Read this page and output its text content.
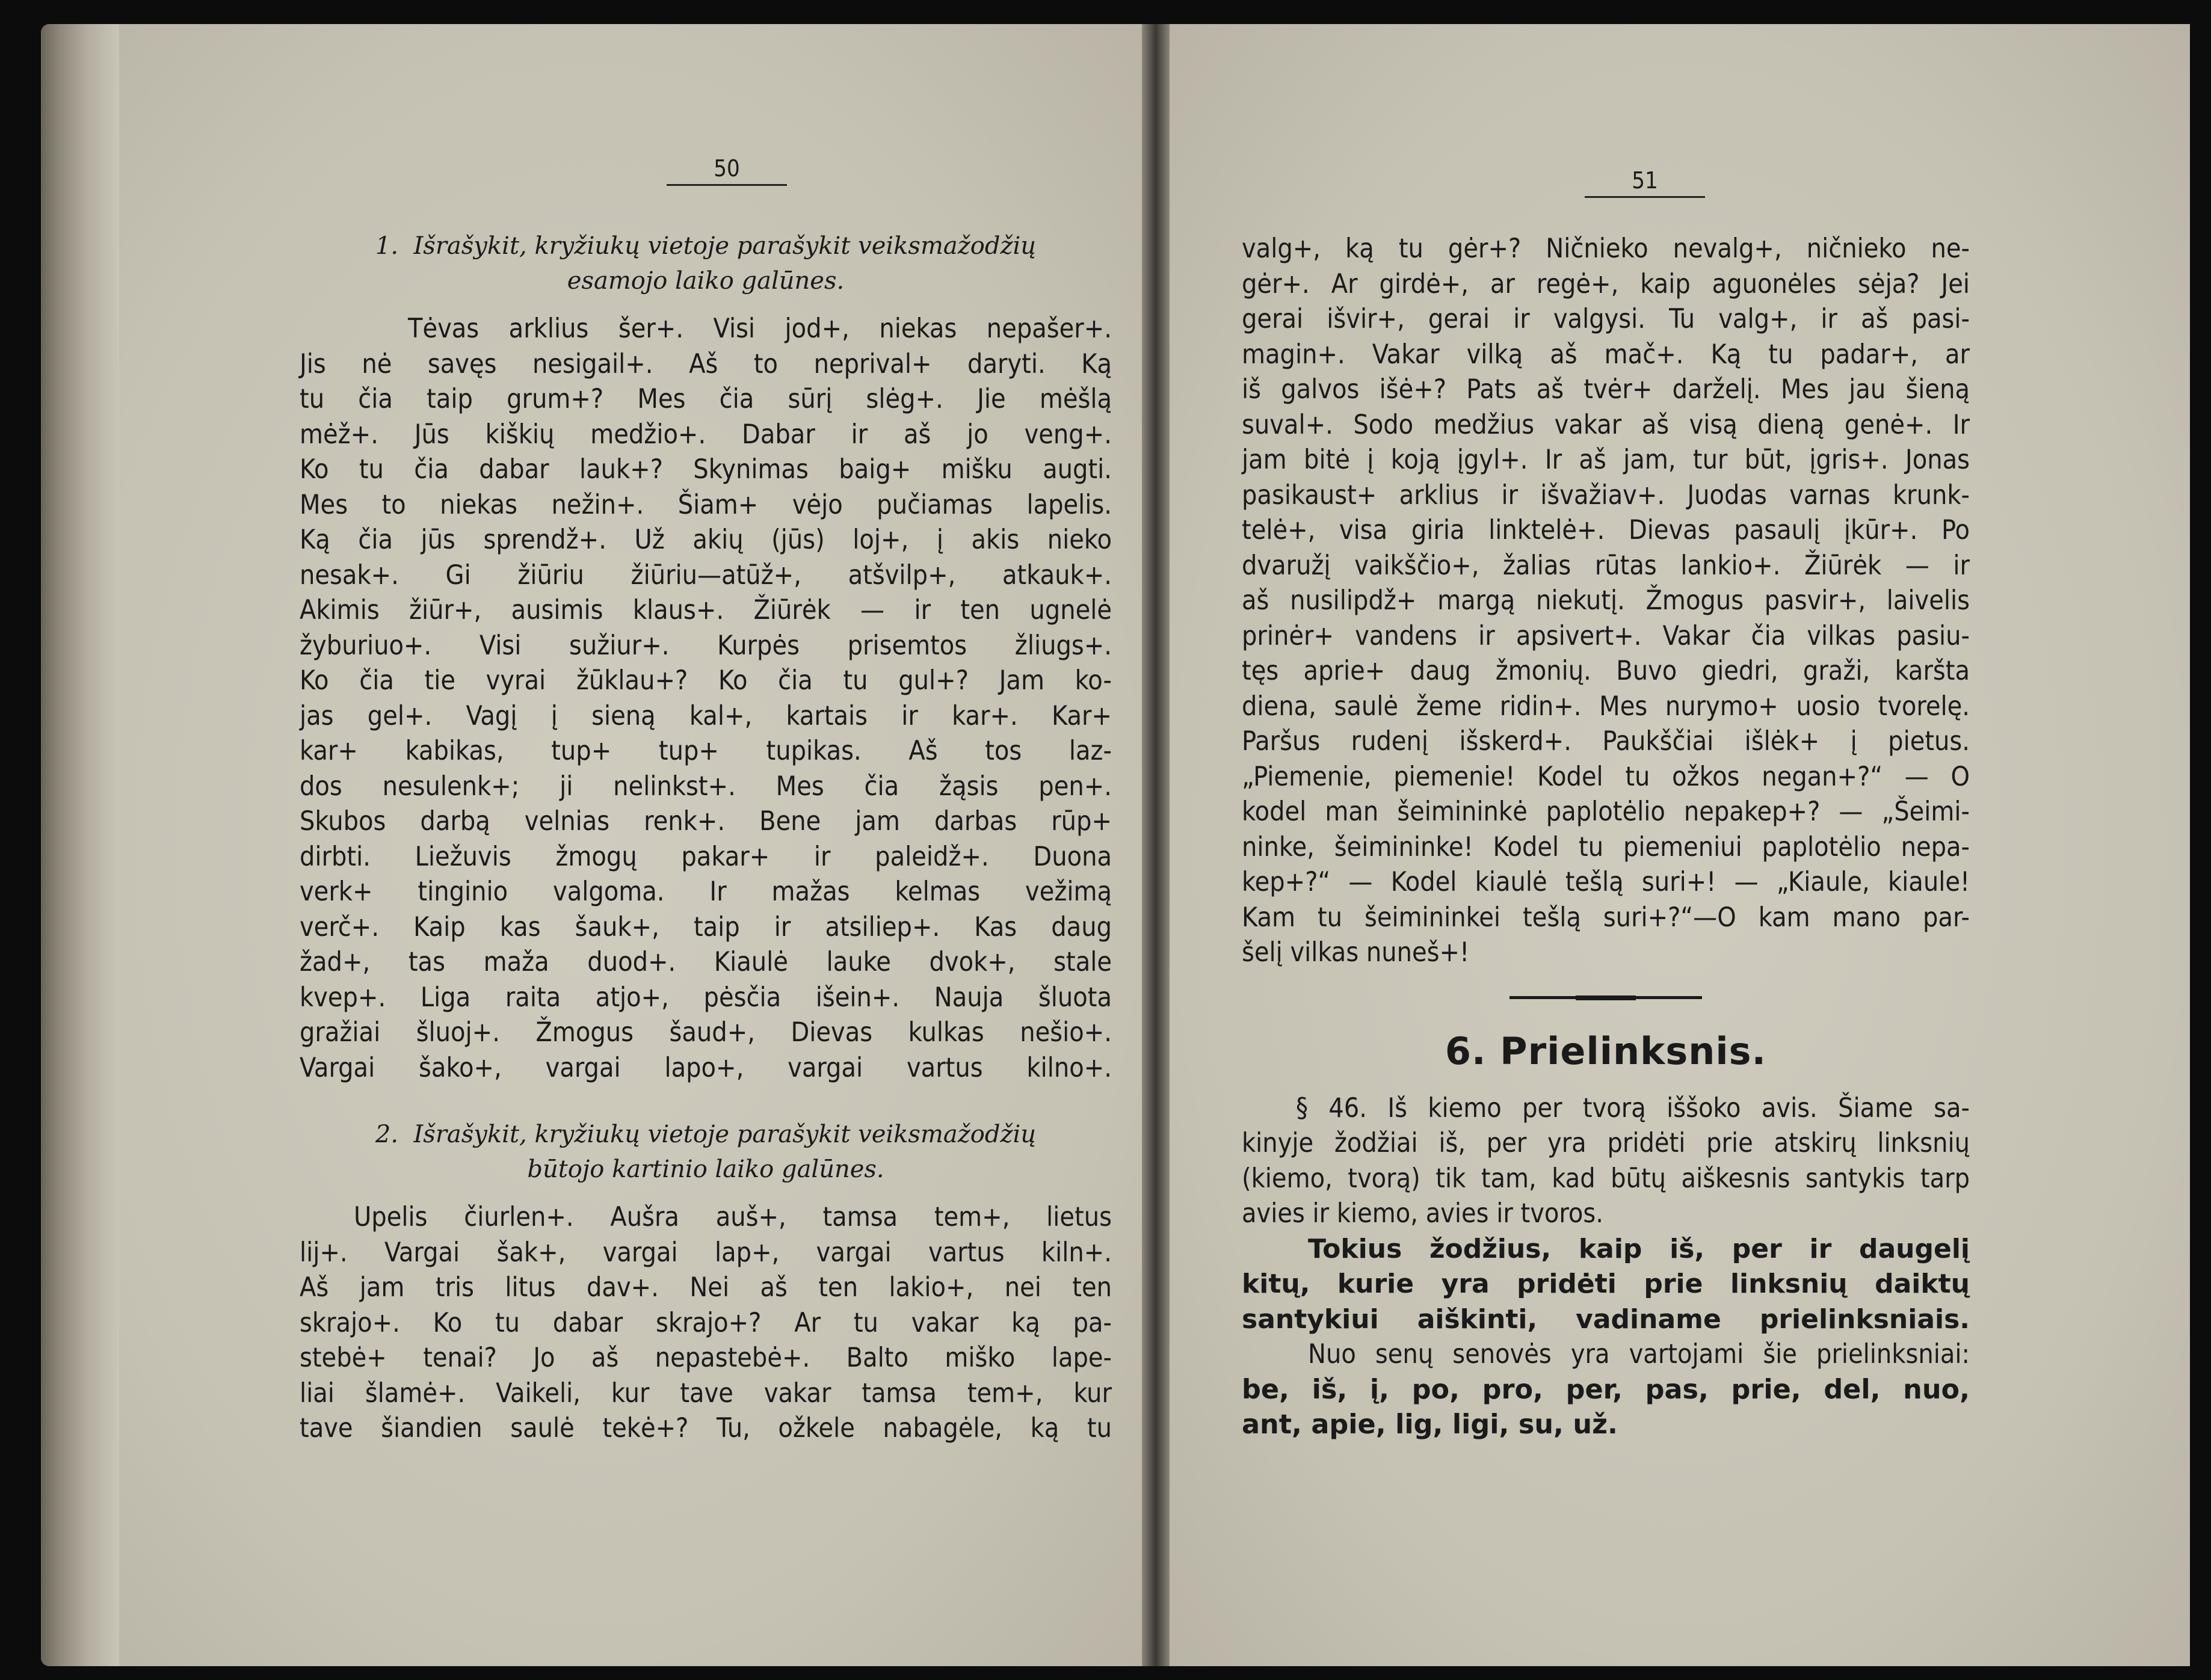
50
1. Išrašykit, kryžiukų vietoje parašykit veiksmažodžių
esamojo laiko galūnes.
Tėvas arklius šer+. Visi jod+, niekas nepašer+.
Jis nė savęs nesigail+. Aš to neprival+ daryti. Ką
tu čia taip grum+? Mes čia sūrį slėg+. Jie mėšlą
mėž+. Jūs kiškių medžio+. Dabar ir aš jo veng+.
Ko tu čia dabar lauk+? Skynimas baig+ mišku augti.
Mes to niekas nežin+. Šiam+ vėjo pučiamas lapelis.
Ką čia jūs sprendž+. Už akių (jūs) loj+, į akis nieko
nesak+. Gi žiūriu žiūriu—atūž+, atšvilp+, atkauk+.
Akimis žiūr+, ausimis klaus+. Žiūrėk — ir ten ugnelė
žyburiuo+. Visi sužiur+. Kurpės prisemtos žliugs+.
Ko čia tie vyrai žūklau+? Ko čia tu gul+? Jam ko-
jas gel+. Vagį į sieną kal+, kartais ir kar+. Kar+
kar+ kabikas, tup+ tup+ tupikas. Aš tos laz-
dos nesulenk+; ji nelinkst+. Mes čia žąsis pen+.
Skubos darbą velnias renk+. Bene jam darbas rūp+
dirbti. Liežuvis žmogų pakar+ ir paleidž+. Duona
verk+ tinginio valgoma. Ir mažas kelmas vežimą
verč+. Kaip kas šauk+, taip ir atsiliep+. Kas daug
žad+, tas maža duod+. Kiaulė lauke dvok+, stale
kvep+. Liga raita atjo+, pėsčia išein+. Nauja šluota
gražiai šluoj+. Žmogus šaud+, Dievas kulkas nešio+.
Vargai šako+, vargai lapo+, vargai vartus kilno+.
2. Išrašykit, kryžiukų vietoje parašykit veiksmažodžių
būtojo kartinio laiko galūnes.
Upelis čiurlen+. Aušra auš+, tamsa tem+, lietus
lij+. Vargai šak+, vargai lap+, vargai vartus kiln+.
Aš jam tris litus dav+. Nei aš ten lakio+, nei ten
skrajo+. Ko tu dabar skrajo+? Ar tu vakar ką pa-
stebė+ tenai? Jo aš nepastebė+. Balto miško lape-
liai šlamė+. Vaikeli, kur tave vakar tamsa tem+, kur
tave šiandien saulė tekė+? Tu, ožkele nabagėle, ką tu
51
valg+, ką tu gėr+? Ničnieko nevalg+, ničnieko ne-
gėr+. Ar girdė+, ar regė+, kaip aguonėles sėja? Jei
gerai išvir+, gerai ir valgysi. Tu valg+, ir aš pasi-
magin+. Vakar vilką aš mač+. Ką tu padar+, ar
iš galvos išė+? Pats aš tvėr+ darželį. Mes jau šieną
suval+. Sodo medžius vakar aš visą dieną genė+. Ir
jam bitė į koją įgyl+. Ir aš jam, tur būt, įgris+. Jonas
pasikaust+ arklius ir išvažiav+. Juodas varnas krunk-
telė+, visa giria linktelė+. Dievas pasaulį įkūr+. Po
dvaružį vaikščio+, žalias rūtas lankio+. Žiūrėk — ir
aš nusilipdž+ margą niekutį. Žmogus pasvir+, laivelis
prinėr+ vandens ir apsivert+. Vakar čia vilkas pasiu-
tęs aprie+ daug žmonių. Buvo giedri, graži, karšta
diena, saulė žeme ridin+. Mes nurymo+ uosio tvorelę.
Paršus rudenį išskerd+. Paukščiai išlėk+ į pietus.
„Piemenie, piemenie! Kodel tu ožkos negan+?“ — O
kodel man šeimininkė paplotėlio nepakep+? — „Šeimi-
ninke, šeimininke! Kodel tu piemeniui paplotėlio nepa-
kep+?“ — Kodel kiaulė tešlą suri+! — „Kiaule, kiaule!
Kam tu šeimininkei tešlą suri+?“—O kam mano par-
šelį vilkas nuneš+!
6. Prielinksnis.
§ 46. Iš kiemo per tvorą iššoko avis. Šiame sa-
kinyje žodžiai iš, per yra pridėti prie atskirų linksnių
(kiemo, tvorą) tik tam, kad būtų aiškesnis santykis tarp
avies ir kiemo, avies ir tvoros.
Tokius žodžius, kaip iš, per ir daugelį
kitų, kurie yra pridėti prie linksnių daiktų
santykiui aiškinti, vadiname prielinksniais.
Nuo senų senovės yra vartojami šie prielinksniai:
be, iš, į, po, pro, per, pas, prie, del, nuo,
ant, apie, lig, ligi, su, už.
